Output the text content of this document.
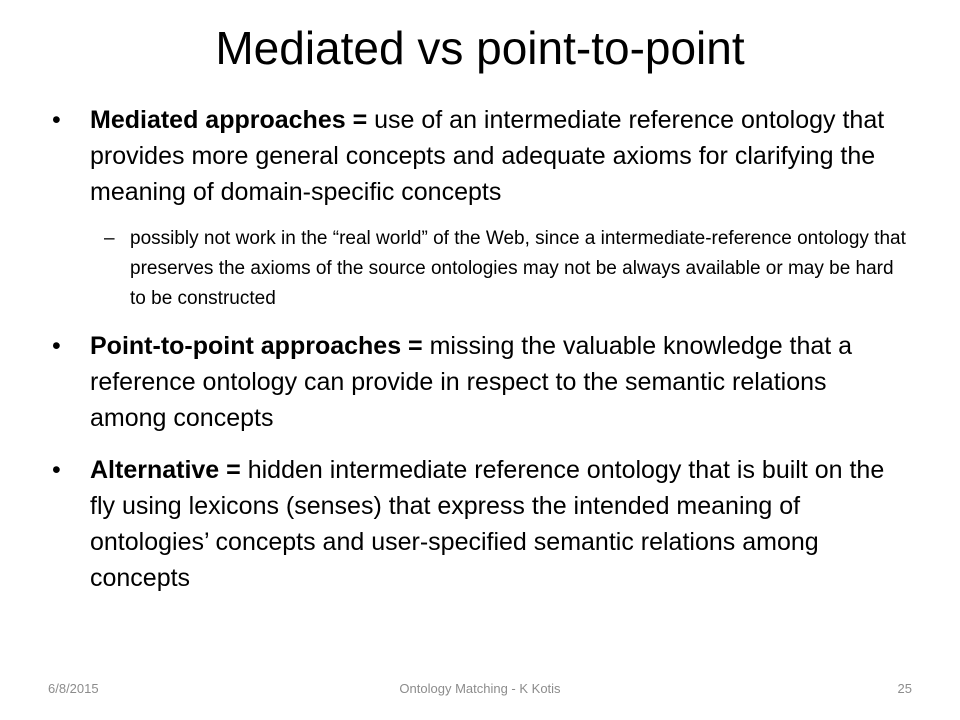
Mediated vs point-to-point
•	Mediated approaches = use of an intermediate reference ontology that provides more general concepts and adequate axioms for clarifying the meaning of domain-specific concepts
– possibly not work in the “real world” of the Web, since a intermediate-reference ontology that preserves the axioms of the source ontologies may not be always available or may be hard to be constructed
•	Point-to-point approaches = missing the valuable knowledge that a reference ontology can provide in respect to the semantic relations among concepts
•	Alternative = hidden intermediate reference ontology that is built on the fly using lexicons (senses) that express the intended meaning of ontologies’ concepts and user-specified semantic relations among concepts
6/8/2015	Ontology Matching - K Kotis	25
